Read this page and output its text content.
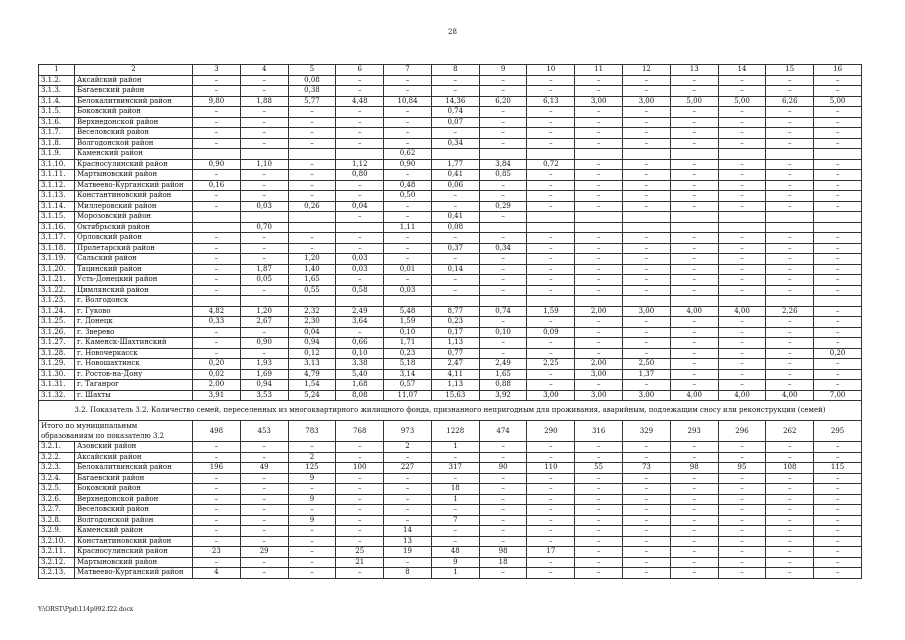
28
1	2	3	4	5	6	7	8	9	10	11	12	13	14	15	16
3.1.2.	Аксайский район	–	–	0,08	–	–	–	–	–	–	–	–	–	–	–
3.1.3.	Багаевский район	–	–	0,38	–	–	–	–	–	–	–	–	–	–	–
3.1.4.	Белокалитвинский район	9,80	1,88	5,77	4,48	10,84	14,36	6,20	6,13	3,00	3,00	5,00	5,00	6,26	5,00
3.1.5.	Боковский район	–	–	–	–	–	0,74	–	–	–	–	–	–	–	–
3.1.6.	Верхнедонской район	–	–	–	–	–	0,07	–	–	–	–	–	–	–	–
3.1.7.	Веселовский район	–	–	–	–	–	–	–	–	–	–	–	–	–	–
3.1.8.	Волгодонской район	–	–	–	–	–	0,34	–	–	–	–	–	–	–	–
3.1.9.	Каменский район					0,62									
3.1.10.	Красносулинский район	0,90	1,10	–	1,12	0,90	1,77	3,84	0,72	–	–	–	–	–	–
3.1.11.	Мартыновский район	–	–	–	0,80	–	0,41	0,85	–	–	–	–	–	–	–
3.1.12.	Матвеево-Курганский район	0,16	–	–	–	0,48	0,06	–	–	–	–	–	–	–	–
3.1.13.	Константиновский район	–	–	–	–	0,50	–	–	–	–	–	–	–	–	–
3.1.14.	Миллеровский район	–	0,03	0,26	0,04	–	–	0,29	–	–	–	–	–	–	–
3.1.15.	Морозовский район				–	–	0,41	–							
3.1.16.	Октябрьский район		0,70			1,11	0,08								
3.1.17.	Орловский район	–	–	–	–	–	–	–	–	–	–	–	–	–	–
3.1.18.	Пролетарский район	–	–	–	–	–	0,37	0,34	–	–	–	–	–	–	–
3.1.19.	Сальский район	–	–	1,20	0,03	–	–	–	–	–	–	–	–	–	–
3.1.20.	Тацинский район	–	1,87	1,40	0,03	0,01	0,14	–	–	–	–	–	–	–	–
3.1.21.	Усть-Донецкий район	–	0,05	1,65	–	–	–	–	–	–	–	–	–	–	–
3.1.22.	Цимлянский район	–	–	0,55	0,58	0,03	–	–	–	–	–	–	–	–	–
3.1.23.	г. Волгодонск														
3.1.24.	г. Гуково	4,82	1,20	2,32	2,49	5,48	8,77	0,74	1,59	2,00	3,00	4,00	4,00	2,26	–
3.1.25.	г. Донецк	0,33	2,67	2,30	3,64	1,59	0,23	–	–	–	–	–	–	–	–
3.1.26.	г. Зверево	–	–	0,04	–	0,10	0,17	0,10	0,09	–	–	–	–	–	–
3.1.27.	г. Каменск-Шахтинский	–	0,90	0,94	0,66	1,71	1,13	–	–	–	–	–	–	–	–
3.1.28.	г. Новочеркасск	–	–	0,12	0,10	0,23	0,77	–	–	–	–	–	–	–	0,20
3.1.29.	г. Новошахтинск	0,20	1,93	3,13	3,38	5,18	2,47	2,49	2,25	2,00	2,50	–	–	–	–
3.1.30.	г. Ростов-на-Дону	0,02	1,69	4,79	5,40	3,14	4,11	1,65	–	3,00	1,37	–	–	–	–
3.1.31.	г. Таганрог	2,00	0,94	1,54	1,68	0,57	1,13	0,88	–	–	–	–	–	–	–
3.1.32.	г. Шахты	3,91	3,53	5,24	8,08	11,07	15,63	3,92	3,00	3,00	3,00	4,00	4,00	4,00	7,00
3.2. Показатель 3.2. Количество семей, переселенных из многоквартирного жилищного фонда, признанного непригодным для проживания, аварийным, подлежащим сносу или реконструкции (семей)															
Итого по муниципальным образованиям по показателю 3.2		498	453	783	768	973	1228	474	290	316	329	293	296	262	295
3.2.1.	Азовский район	–	–	–	–	2	1	–	–	–	–	–	–	–	–
3.2.2.	Аксайский район	–	–	2	–	–	–	–	–	–	–	–	–	–	–
3.2.3.	Белокалитвинский район	196	49	125	100	227	317	90	110	55	73	98	95	108	115
3.2.4.	Багаевский район	–	–	9	–	–	–	–	–	–	–	–	–	–	–
3.2.5.	Боковский район	–	–	–	–	–	18	–	–	–	–	–	–	–	–
3.2.6.	Верхнедонской район	–	–	9	–	–	1	–	–	–	–	–	–	–	–
3.2.7.	Веселовский район	–	–	–	–	–	–	–	–	–	–	–	–	–	–
3.2.8.	Волгодонской район	–	–	9	–	–	7	–	–	–	–	–	–	–	–
3.2.9.	Каменский район	–	–	–	–	14	–	–	–	–	–	–	–	–	–
3.2.10.	Константиновский район	–	–	–	–	13	–	–	–	–	–	–	–	–	–
3.2.11.	Красносулинский район	23	29	–	25	19	48	98	17	–	–	–	–	–	–
3.2.12.	Мартыновский район	–	–	–	21	–	9	18	–	–	–	–	–	–	–
3.2.13.	Матвеево-Курганский район	4	–	–	–	8	1	–	–	–	–	–	–	–	–
Y:\ORST\Ppd\114p992.f22.docx
